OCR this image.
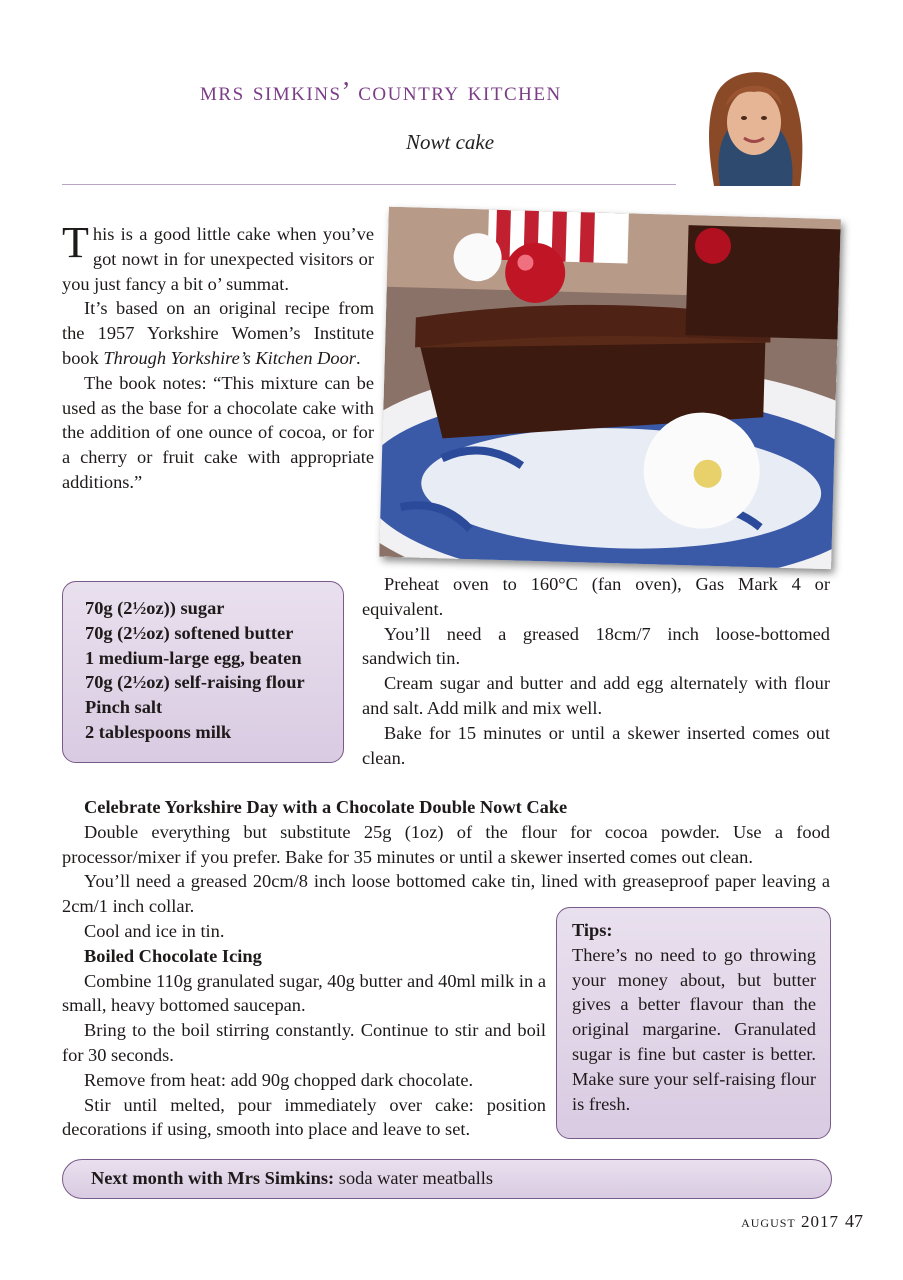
mrs simkins’ country kitchen
Nowt cake

This is a good little cake when you’ve got nowt in for unexpected visitors or you just fancy a bit o’ summat.

It’s based on an original recipe from the 1957 Yorkshire Women’s Institute book Through Yorkshire’s Kitchen Door.

The book notes: “This mixture can be used as the base for a chocolate cake with the addition of one ounce of cocoa, or for a cherry or fruit cake with appropriate additions.”

70g (2½oz)) sugar
70g (2½oz) softened butter
1 medium-large egg, beaten
70g (2½oz) self-raising flour
Pinch salt
2 tablespoons milk

Preheat oven to 160°C (fan oven), Gas Mark 4 or equivalent.

You’ll need a greased 18cm/7 inch loose-bottomed sandwich tin.

Cream sugar and butter and add egg alternately with flour and salt. Add milk and mix well.

Bake for 15 minutes or until a skewer inserted comes out clean.

Celebrate Yorkshire Day with a Chocolate Double Nowt Cake

Double everything but substitute 25g (1oz) of the flour for cocoa powder. Use a food processor/mixer if you prefer. Bake for 35 minutes or until a skewer inserted comes out clean.

You’ll need a greased 20cm/8 inch loose bottomed cake tin, lined with greaseproof paper leaving a 2cm/1 inch collar.

Cool and ice in tin.

Boiled Chocolate Icing

Combine 110g granulated sugar, 40g butter and 40ml milk in a small, heavy bottomed saucepan.

Bring to the boil stirring constantly. Continue to stir and boil for 30 seconds.

Remove from heat: add 90g chopped dark chocolate.

Stir until melted, pour immediately over cake: position decorations if using, smooth into place and leave to set.

Tips:

There’s no need to go throwing your money about, but butter gives a better flavour than the original margarine. Granulated sugar is fine but caster is better. Make sure your self-raising flour is fresh.

Next month with Mrs Simkins: soda water meatballs
august 2017 47
